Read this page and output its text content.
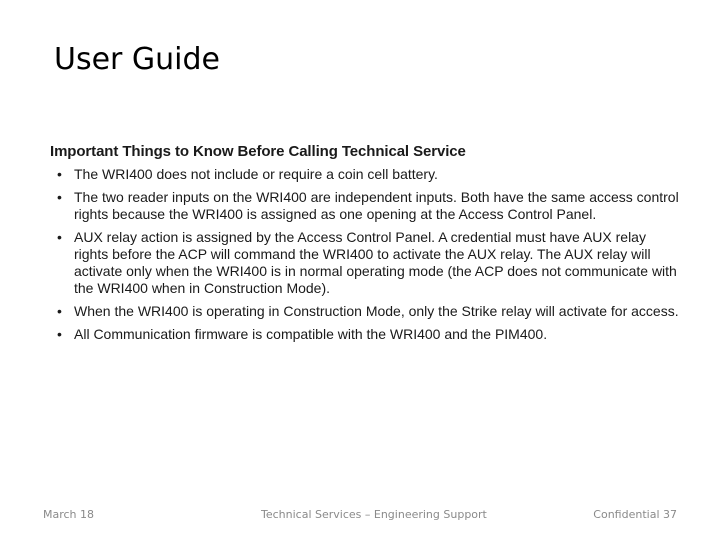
User Guide
Important Things to Know Before Calling Technical Service
• The WRI400 does not include or require a coin cell battery.
• The two reader inputs on the WRI400 are independent inputs. Both have the same access control rights because the WRI400 is assigned as one opening at the Access Control Panel.
• AUX relay action is assigned by the Access Control Panel. A credential must have AUX relay rights before the ACP will command the WRI400 to activate the AUX relay. The AUX relay will activate only when the WRI400 is in normal operating mode (the ACP does not communicate with the WRI400 when in Construction Mode).
• When the WRI400 is operating in Construction Mode, only the Strike relay will activate for access.
• All Communication firmware is compatible with the WRI400 and the PIM400.
March 18	Technical Services – Engineering Support	Confidential 37
